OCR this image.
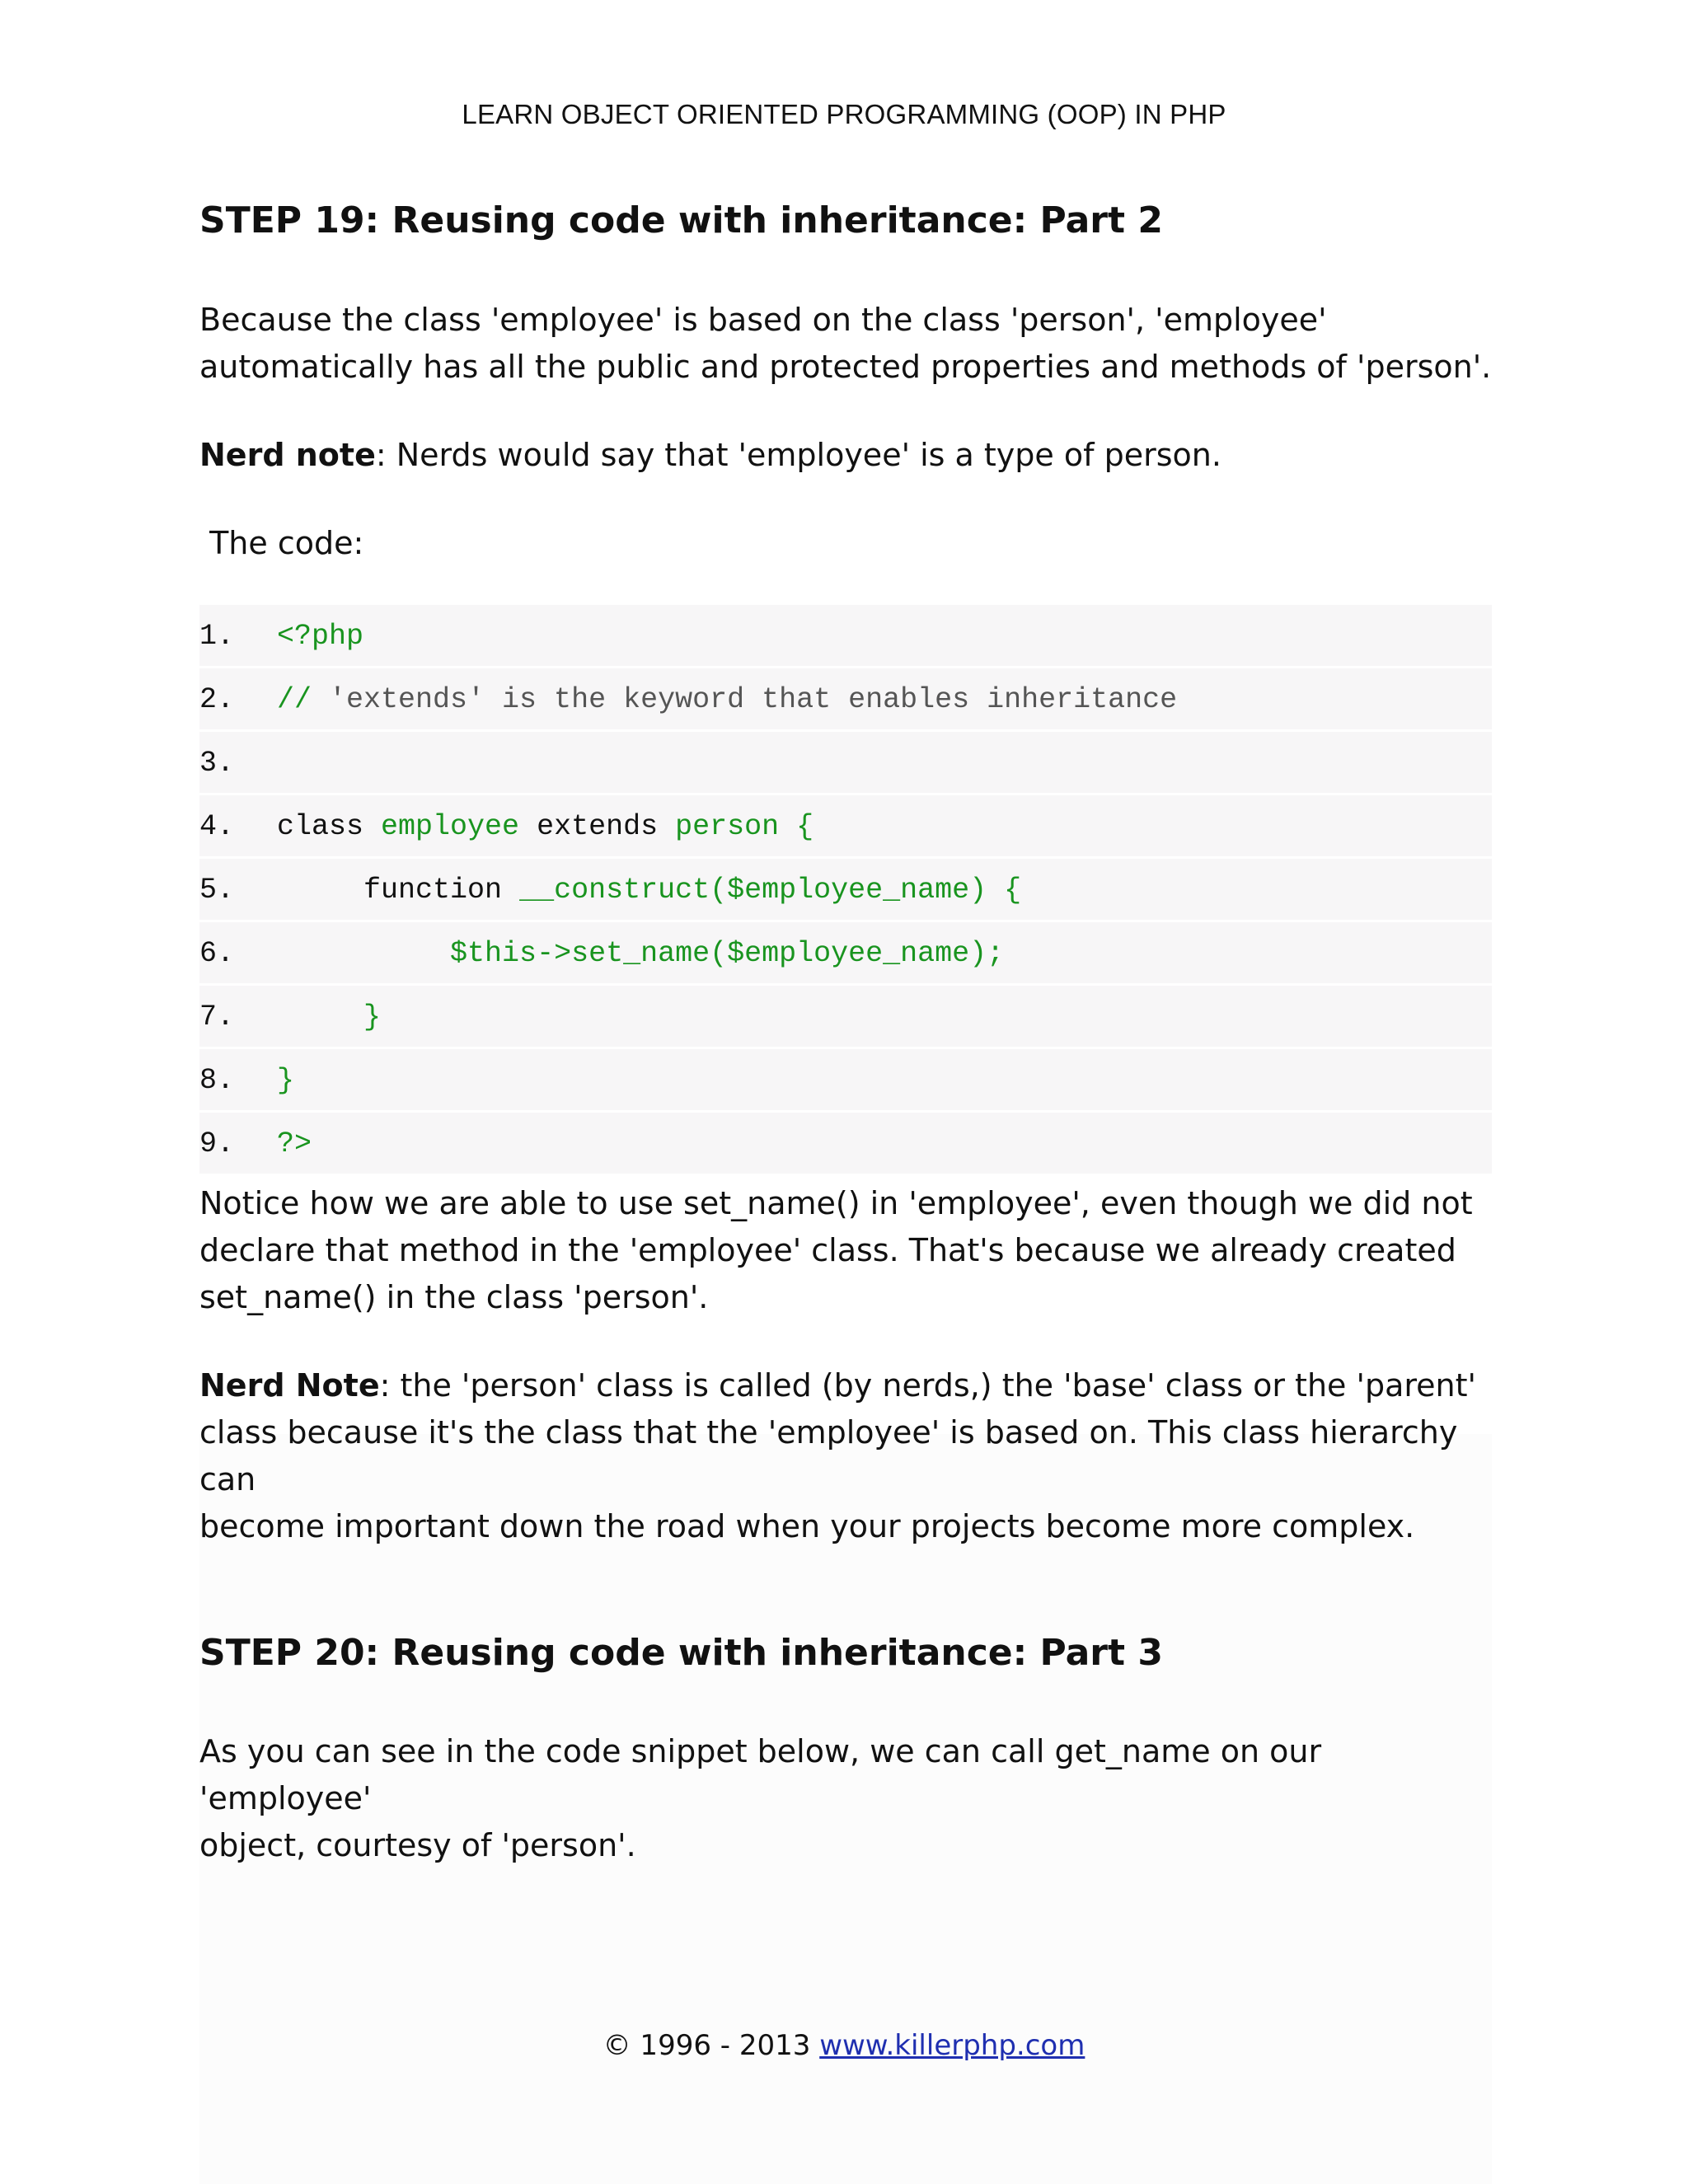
LEARN OBJECT ORIENTED PROGRAMMING (OOP) IN PHP
STEP 19: Reusing code with inheritance: Part 2
Because the class 'employee' is based on the class 'person', 'employee'
automatically has all the public and protected properties and methods of 'person'.
Nerd note: Nerds would say that 'employee' is a type of person.
The code:
1. <?php
2. // 'extends' is the keyword that enables inheritance
3.
4. class employee extends person {
5. function __construct($employee_name) {
6.	$this->set_name($employee_name);
7.	}
8. }
9. ?>
Notice how we are able to use set_name() in 'employee', even though we did not
declare that method in the 'employee' class. That's because we already created
set_name() in the class 'person'.
Nerd Note: the 'person' class is called (by nerds,) the 'base' class or the 'parent'
class because it's the class that the 'employee' is based on. This class hierarchy can
become important down the road when your projects become more complex.
STEP 20: Reusing code with inheritance: Part 3
As you can see in the code snippet below, we can call get_name on our 'employee'
object, courtesy of 'person'.
© 1996 - 2013 www.killerphp.com
